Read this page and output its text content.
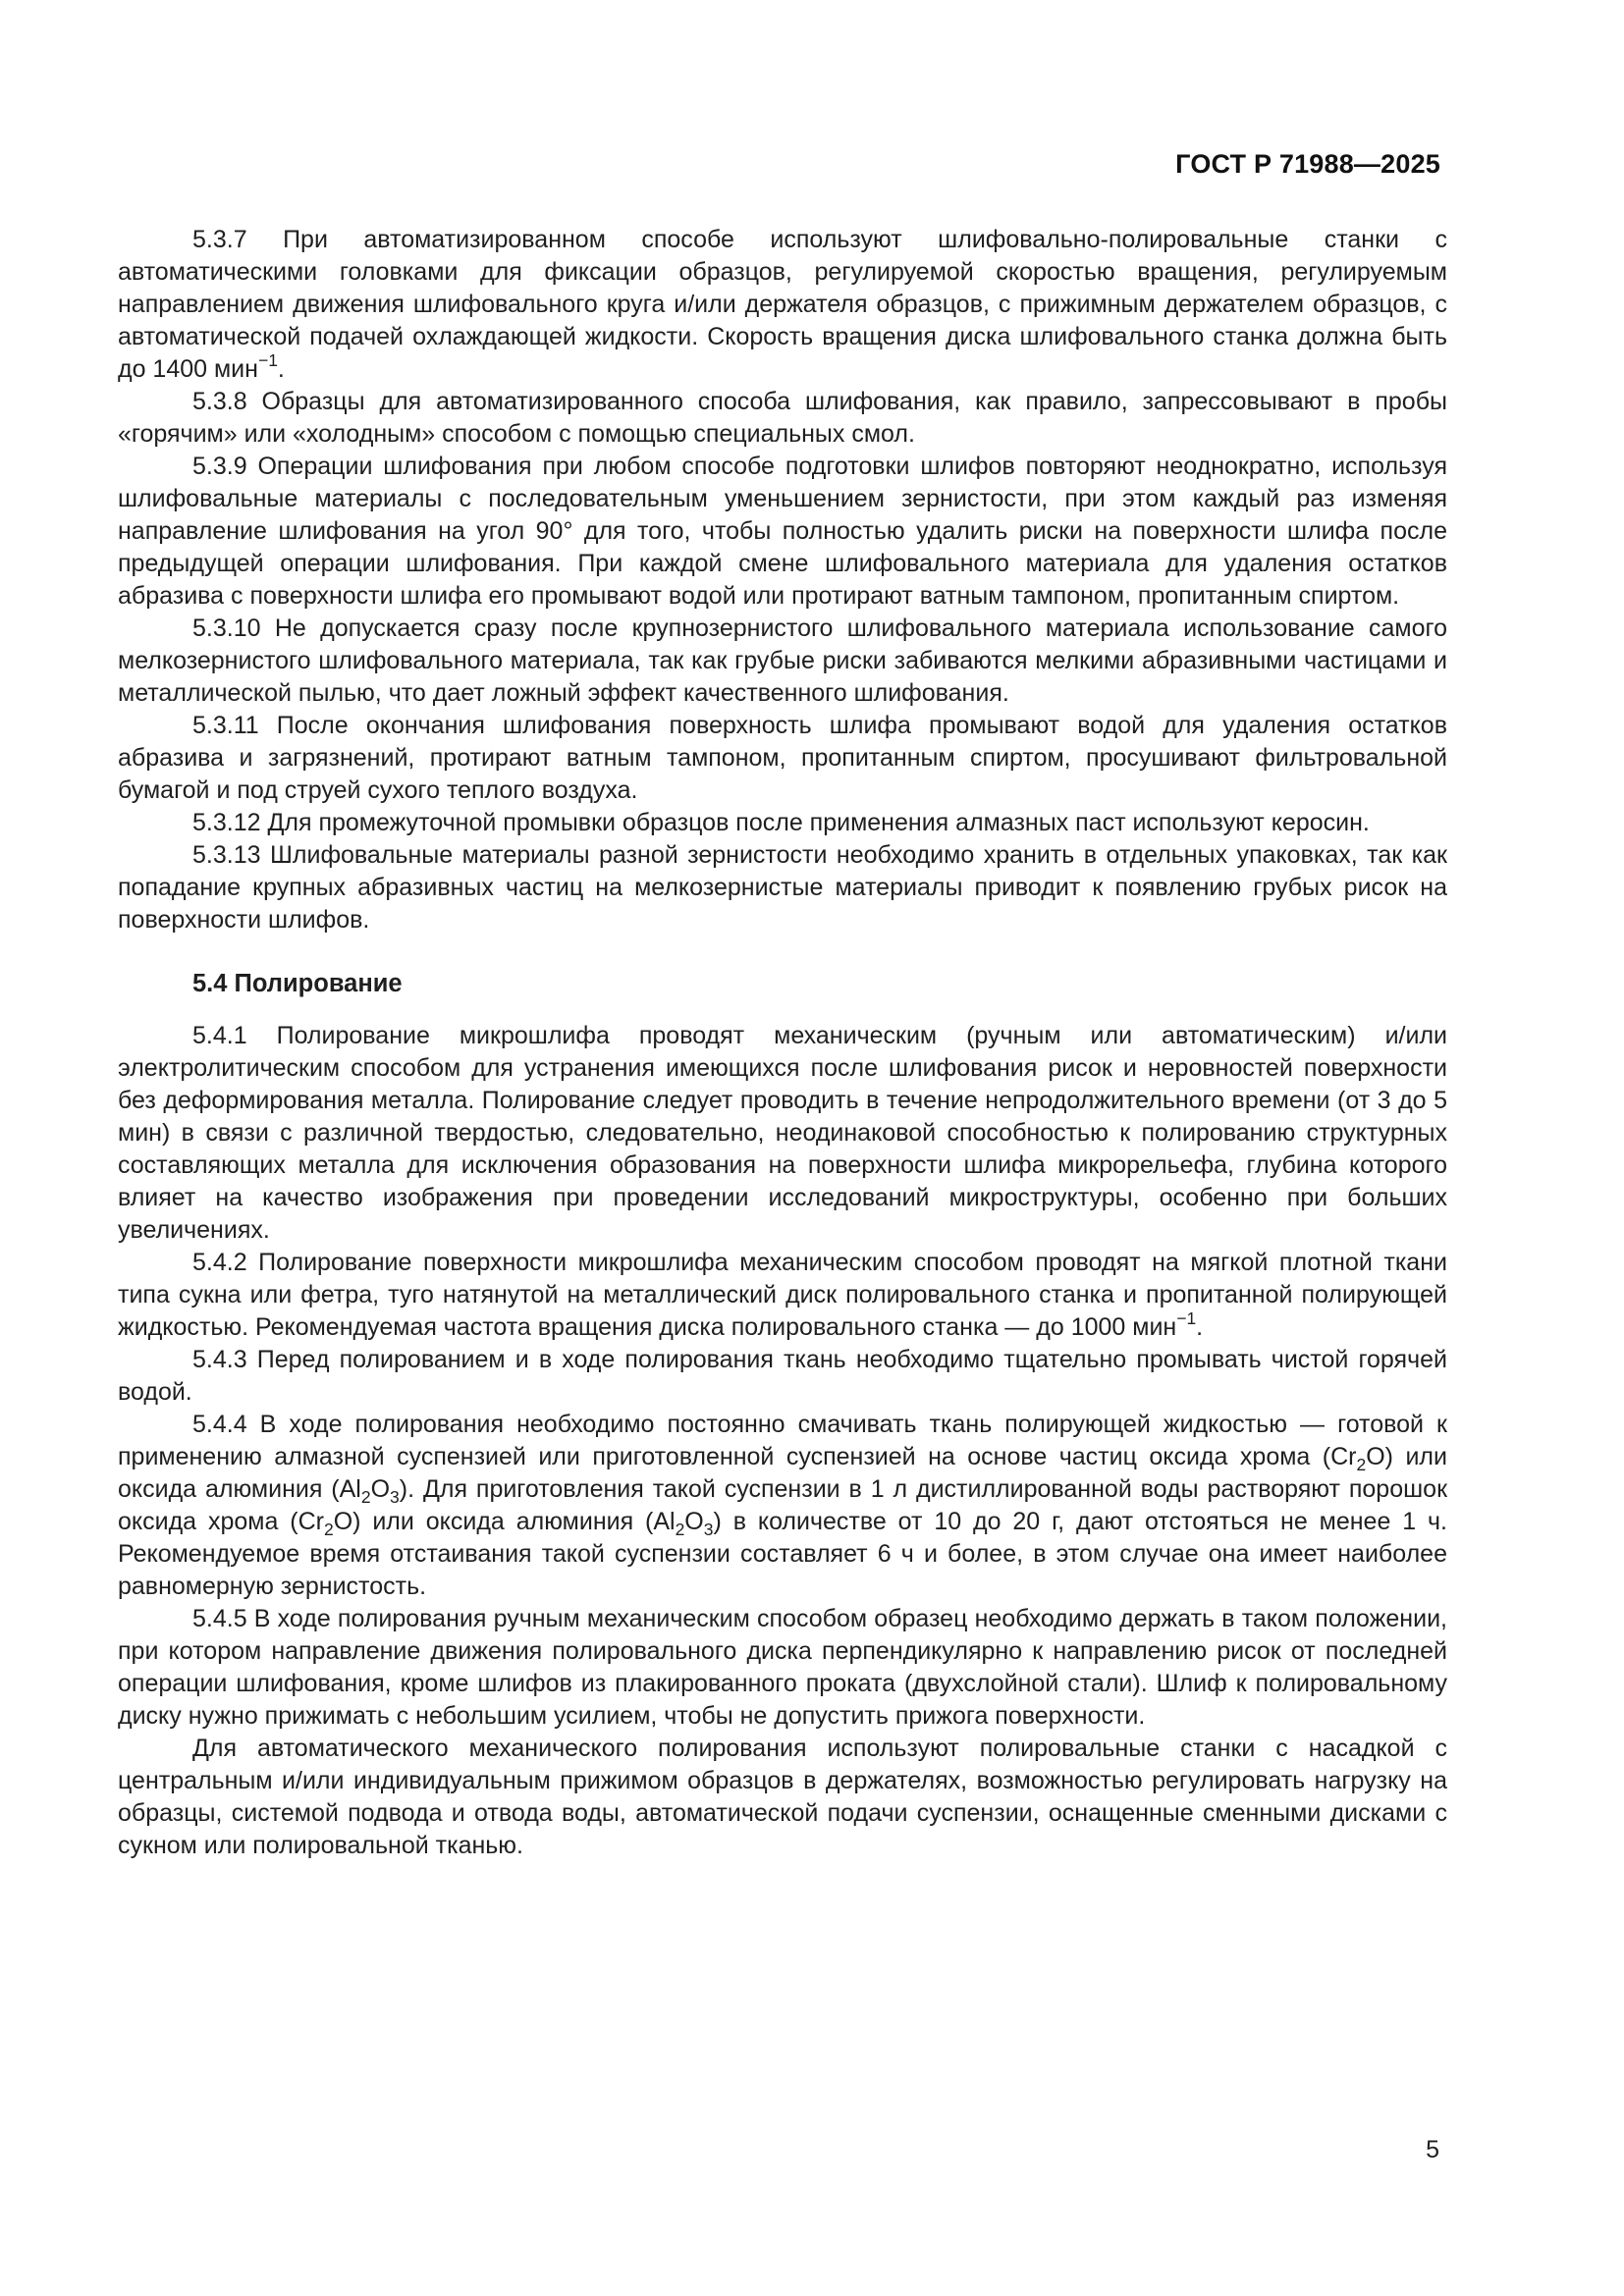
ГОСТ Р 71988—2025

5.3.7 При автоматизированном способе используют шлифовально-полировальные станки с автоматическими головками для фиксации образцов, регулируемой скоростью вращения, регулируемым направлением движения шлифовального круга и/или держателя образцов, с прижимным держателем образцов, с автоматической подачей охлаждающей жидкости. Скорость вращения диска шлифовального станка должна быть до 1400 мин$^{-1}$.

5.3.8 Образцы для автоматизированного способа шлифования, как правило, запрессовывают в пробы «горячим» или «холодным» способом с помощью специальных смол.

5.3.9 Операции шлифования при любом способе подготовки шлифов повторяют неоднократно, используя шлифовальные материалы с последовательным уменьшением зернистости, при этом каждый раз изменяя направление шлифования на угол 90° для того, чтобы полностью удалить риски на поверхности шлифа после предыдущей операции шлифования. При каждой смене шлифовального материала для удаления остатков абразива с поверхности шлифа его промывают водой или протирают ватным тампоном, пропитанным спиртом.

5.3.10 Не допускается сразу после крупнозернистого шлифовального материала использование самого мелкозернистого шлифовального материала, так как грубые риски забиваются мелкими абразивными частицами и металлической пылью, что дает ложный эффект качественного шлифования.

5.3.11 После окончания шлифования поверхность шлифа промывают водой для удаления остатков абразива и загрязнений, протирают ватным тампоном, пропитанным спиртом, просушивают фильтровальной бумагой и под струей сухого теплого воздуха.

5.3.12 Для промежуточной промывки образцов после применения алмазных паст используют керосин.

5.3.13 Шлифовальные материалы разной зернистости необходимо хранить в отдельных упаковках, так как попадание крупных абразивных частиц на мелкозернистые материалы приводит к появлению грубых рисок на поверхности шлифов.

5.4 Полирование

5.4.1 Полирование микрошлифа проводят механическим (ручным или автоматическим) и/или электролитическим способом для устранения имеющихся после шлифования рисок и неровностей поверхности без деформирования металла. Полирование следует проводить в течение непродолжительного времени (от 3 до 5 мин) в связи с различной твердостью, следовательно, неодинаковой способностью к полированию структурных составляющих металла для исключения образования на поверхности шлифа микрорельефа, глубина которого влияет на качество изображения при проведении исследований микроструктуры, особенно при больших увеличениях.

5.4.2 Полирование поверхности микрошлифа механическим способом проводят на мягкой плотной ткани типа сукна или фетра, туго натянутой на металлический диск полировального станка и пропитанной полирующей жидкостью. Рекомендуемая частота вращения диска полировального станка — до 1000 мин$^{-1}$.

5.4.3 Перед полированием и в ходе полирования ткань необходимо тщательно промывать чистой горячей водой.

5.4.4 В ходе полирования необходимо постоянно смачивать ткань полирующей жидкостью — готовой к применению алмазной суспензией или приготовленной суспензией на основе частиц оксида хрома $(Cr_2O)$ или оксида алюминия $(Al_2O_3)$. Для приготовления такой суспензии в 1 л дистиллированной воды растворяют порошок оксида хрома $(Cr_2O)$ или оксида алюминия $(Al_2O_3)$ в количестве от 10 до 20 г, дают отстояться не менее 1 ч. Рекомендуемое время отстаивания такой суспензии составляет 6 ч и более, в этом случае она имеет наиболее равномерную зернистость.

5.4.5 В ходе полирования ручным механическим способом образец необходимо держать в таком положении, при котором направление движения полировального диска перпендикулярно к направлению рисок от последней операции шлифования, кроме шлифов из плакированного проката (двухслойной стали). Шлиф к полировальному диску нужно прижимать с небольшим усилием, чтобы не допустить прижога поверхности.

Для автоматического механического полирования используют полировальные станки с насадкой с центральным и/или индивидуальным прижимом образцов в держателях, возможностью регулировать нагрузку на образцы, системой подвода и отвода воды, автоматической подачи суспензии, оснащенные сменными дисками с сукном или полировальной тканью.

5
